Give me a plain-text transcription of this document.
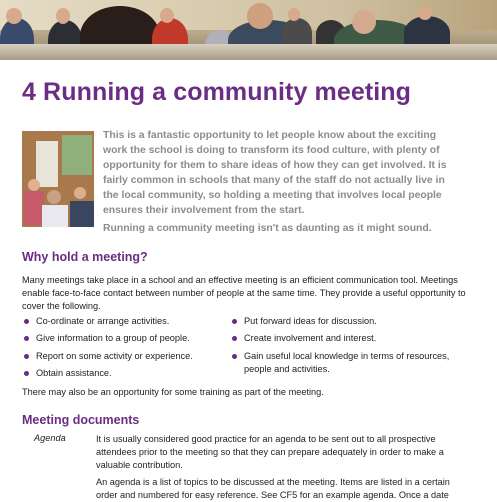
4 Running a community meeting

This is a fantastic opportunity to let people know about the exciting work the school is doing to transform its food culture, with plenty of opportunity for them to share ideas of how they can get involved. It is fairly common in schools that many of the staff do not actually live in the local community, so holding a meeting that involves local people ensures their involvement from the start.

Running a community meeting isn't as daunting as it might sound.

Why hold a meeting?

Many meetings take place in a school and an effective meeting is an efficient communication tool. Meetings enable face-to-face contact between number of people at the same time. They provide a useful opportunity to cover the following.

Co-ordinate or arrange activities.
Give information to a group of people.
Report on some activity or experience.
Obtain assistance.
Put forward ideas for discussion.
Create involvement and interest.
Gain useful local knowledge in terms of resources, people and activities.

There may also be an opportunity for some training as part of the meeting.

Meeting documents
Agenda	It is usually considered good practice for an agenda to be sent out to all prospective attendees prior to the meeting so that they can prepare adequately in order to make a valuable contribution.

An agenda is a list of topics to be discussed at the meeting. Items are listed in a certain order and numbered for easy reference. See CF5 for an example agenda. Once a date
